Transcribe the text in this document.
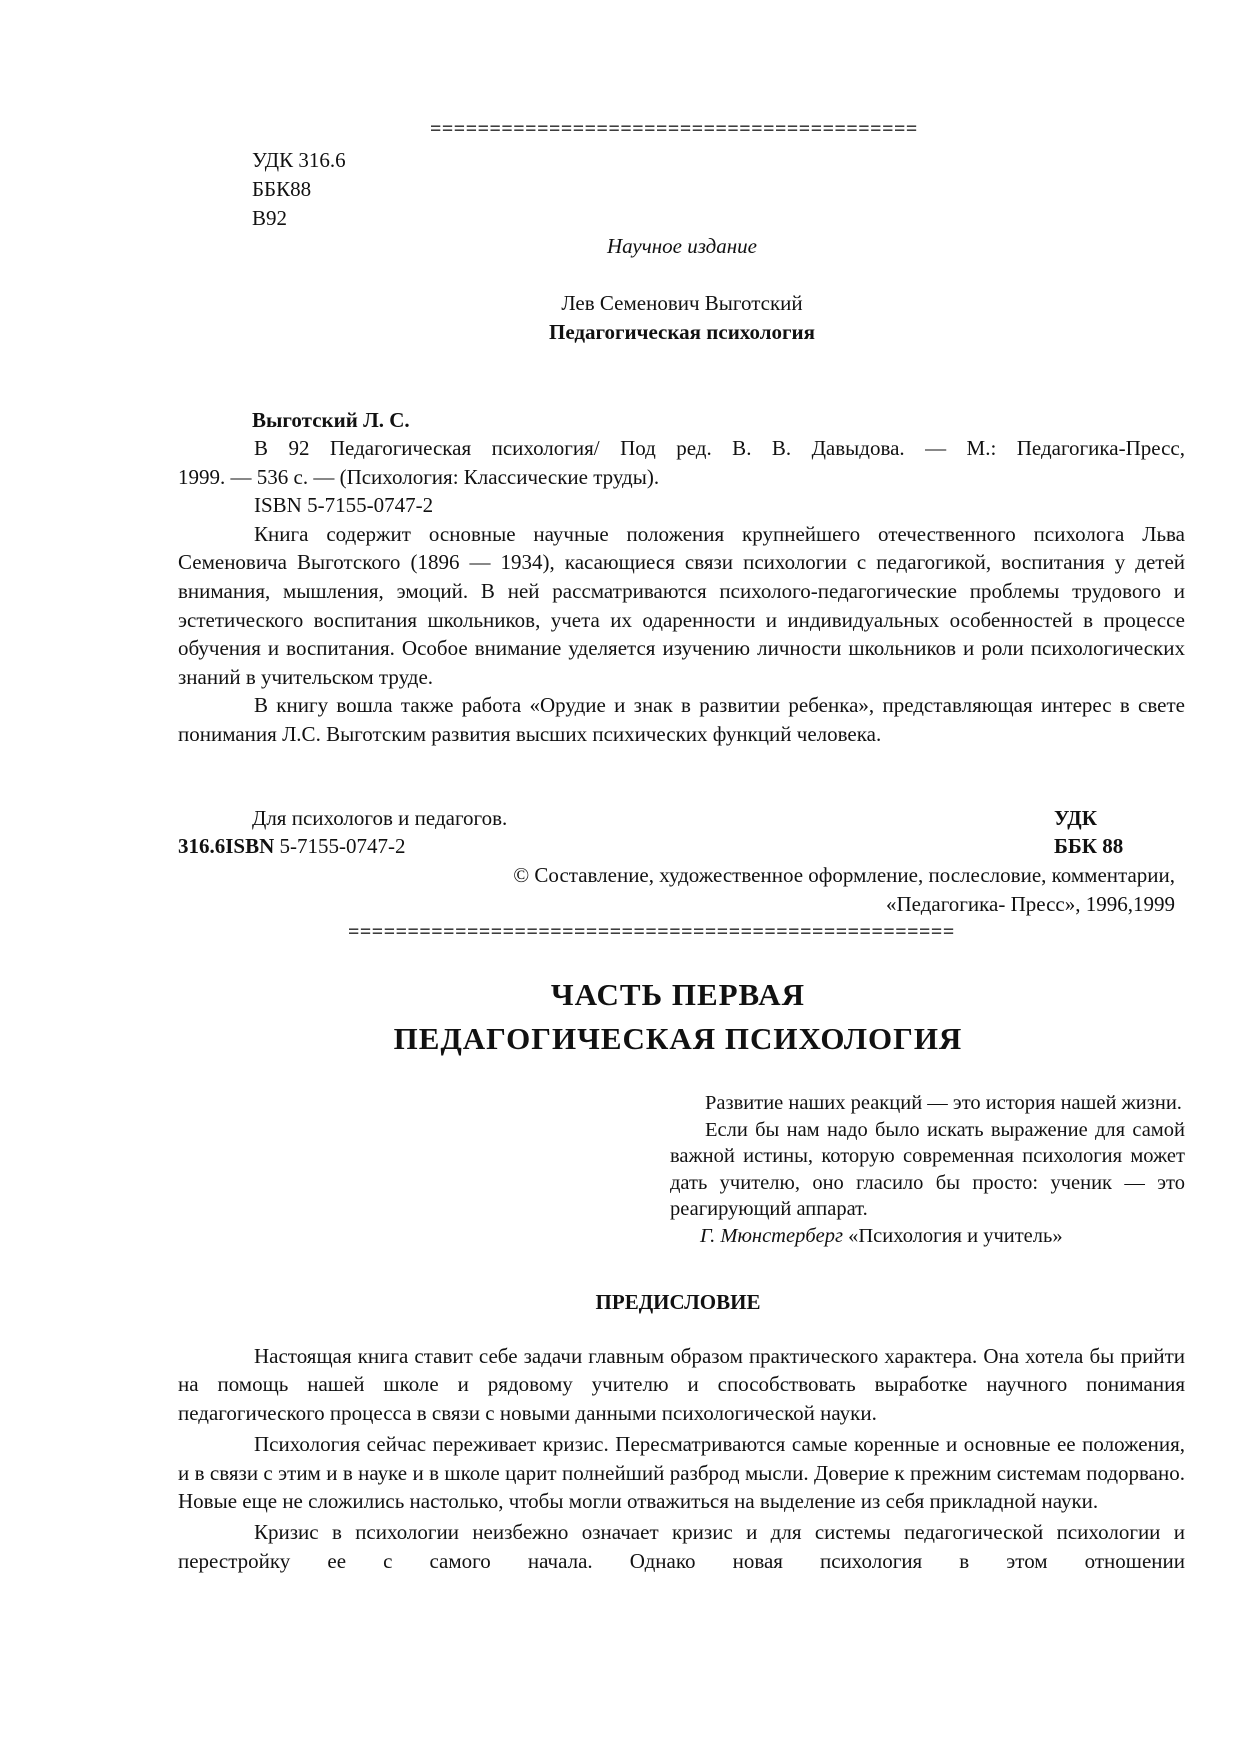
=========================================
УДК 316.6
ББК88
В92
Научное издание
Лев Семенович Выготский
Педагогическая психология
Выготский Л. С.

В 92 Педагогическая психология/ Под ред. В. В. Давыдова. — М.: Педагогика-Пресс,

1999. — 536 с. — (Психология: Классические труды).

ISBN 5-7155-0747-2

Книга содержит основные научные положения крупнейшего отечественного психолога Льва Семеновича Выготского (1896 — 1934), касающиеся связи психологии с педагогикой, воспитания у детей внимания, мышления, эмоций. В ней рассматриваются психолого-педагогические проблемы трудового и эстетического воспитания школьников, учета их одаренности и индивидуальных особенностей в процессе обучения и воспитания. Особое внимание уделяется изучению личности школьников и роли психологических знаний в учительском труде.

В книгу вошла также работа «Орудие и знак в развитии ребенка», представляющая интерес в свете понимания Л.С. Выготским развития высших психических функций человека.

Для психологов и педагогов.	УДК
316.6ISBN 5-7155-0747-2	ББК 88
© Составление, художественное оформление, послесловие, комментарии,
«Педагогика- Пресс», 1996,1999
===================================================
ЧАСТЬ ПЕРВАЯ
ПЕДАГОГИЧЕСКАЯ ПСИХОЛОГИЯ

Развитие наших реакций — это история нашей жизни.

Если бы нам надо было искать выражение для самой важной истины, которую современная психология может дать учителю, оно гласило бы просто: ученик — это реагирующий аппарат.

Г. Мюнстерберг «Психология и учитель»

ПРЕДИСЛОВИЕ

Настоящая книга ставит себе задачи главным образом практического характера. Она хотела бы прийти на помощь нашей школе и рядовому учителю и способствовать выработке научного понимания педагогического процесса в связи с новыми данными психологической науки.

Психология сейчас переживает кризис. Пересматриваются самые коренные и основные ее положения, и в связи с этим и в науке и в школе царит полнейший разброд мысли. Доверие к прежним системам подорвано. Новые еще не сложились настолько, чтобы могли отважиться на выделение из себя прикладной науки.

Кризис в психологии неизбежно означает кризис и для системы педагогической психологии и перестройку ее с самого начала. Однако новая психология в этом отношении
